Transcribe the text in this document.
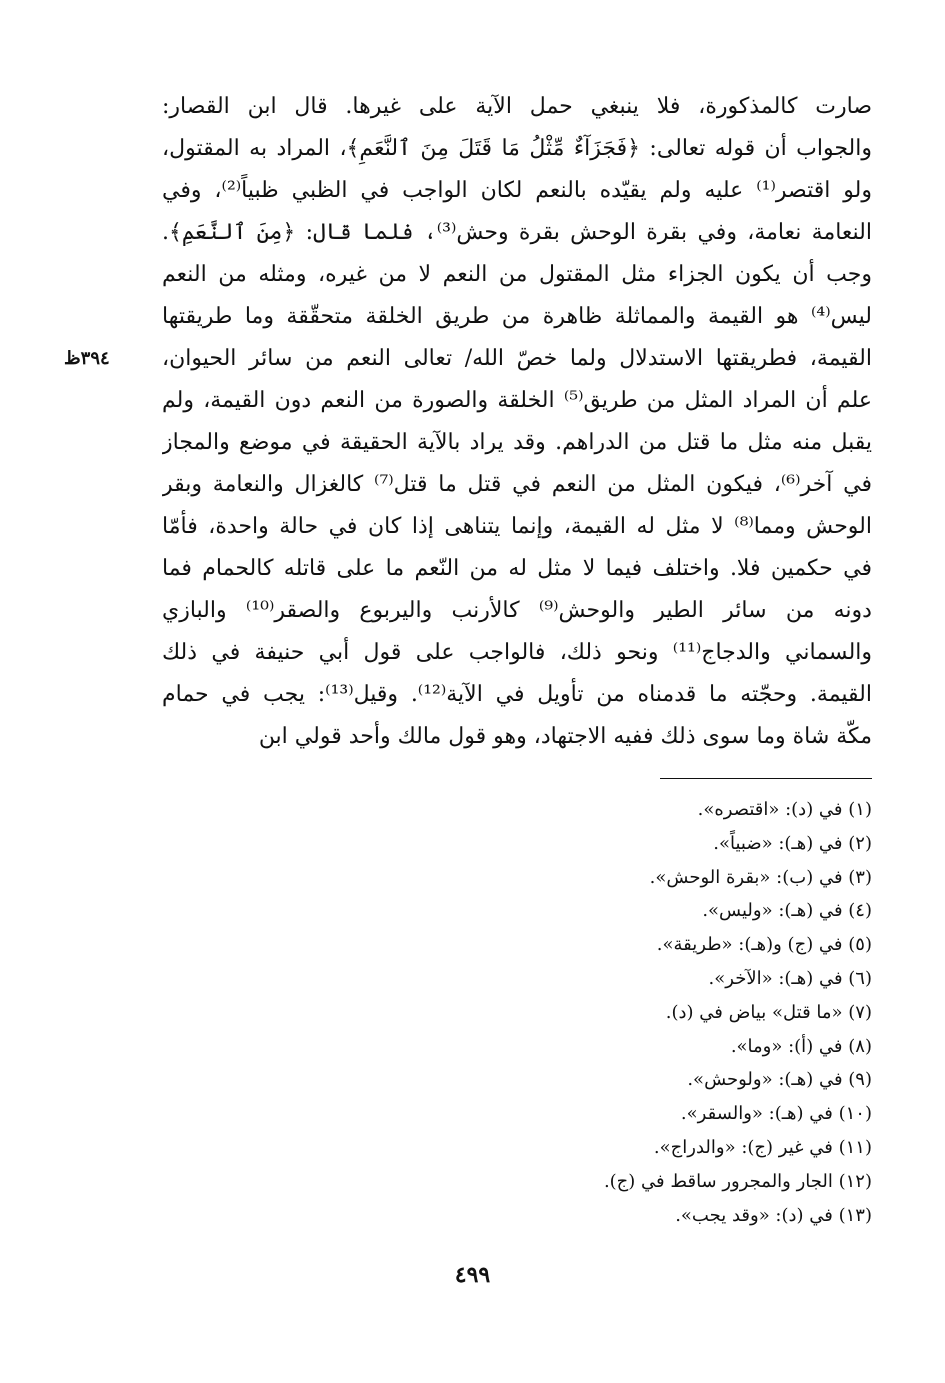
صارت كالمذكورة، فلا ينبغي حمل الآية على غيرها. قال ابن القصار:
والجواب أن قوله تعالى: ﴿فَجَزَآءٌ مِّثْلُ مَا قَتَلَ مِنَ ٱلنَّعَمِ﴾، المراد به المقتول،
ولو اقتصر⁽¹⁾ عليه ولم يقيّده بالنعم لكان الواجب في الظبي ظبياً⁽²⁾، وفي
النعامة نعامة، وفي بقرة الوحش بقرة وحش⁽³⁾، فلما قال: ﴿مِنَ ٱلنَّعَمِ﴾.
وجب أن يكون الجزاء مثل المقتول من النعم لا من غيره، ومثله من النعم
ليس⁽⁴⁾ هو القيمة والمماثلة ظاهرة من طريق الخلقة متحقّقة وما طريقتها
القيمة، فطريقتها الاستدلال ولما خصّ الله/ تعالى النعم من سائر الحيوان،
علم أن المراد المثل من طريق⁽⁵⁾ الخلقة والصورة من النعم دون القيمة، ولم
يقبل منه مثل ما قتل من الدراهم. وقد يراد بالآية الحقيقة في موضع والمجاز
في آخر⁽⁶⁾، فيكون المثل من النعم في قتل ما قتل⁽⁷⁾ كالغزال والنعامة وبقر
الوحش ومما⁽⁸⁾ لا مثل له القيمة، وإنما يتناهى إذا كان في حالة واحدة، فأمّا
في حكمين فلا. واختلف فيما لا مثل له من النّعم ما على قاتله كالحمام فما
دونه من سائر الطير والوحش⁽⁹⁾ كالأرنب واليربوع والصقر⁽¹⁰⁾ والبازي
والسماني والدجاج⁽¹¹⁾ ونحو ذلك، فالواجب على قول أبي حنيفة في ذلك
القيمة. وحجّته ما قدمناه من تأويل في الآية⁽¹²⁾. وقيل⁽¹³⁾: يجب في حمام
مكّة شاة وما سوى ذلك ففيه الاجتهاد، وهو قول مالك وأحد قولي ابن
٣٩٤ظ
(١) في (د): «اقتصره».
(٢) في (هـ): «ضبياً».
(٣) في (ب): «بقرة الوحش».
(٤) في (هـ): «وليس».
(٥) في (ج) و(هـ): «طريقة».
(٦) في (هـ): «الآخر».
(٧) «ما قتل» بياض في (د).
(٨) في (أ): «وما».
(٩) في (هـ): «ولوحش».
(١٠) في (هـ): «والسقر».
(١١) في غير (ج): «والدراج».
(١٢) الجار والمجرور ساقط في (ج).
(١٣) في (د): «وقد يجب».
٤٩٩
